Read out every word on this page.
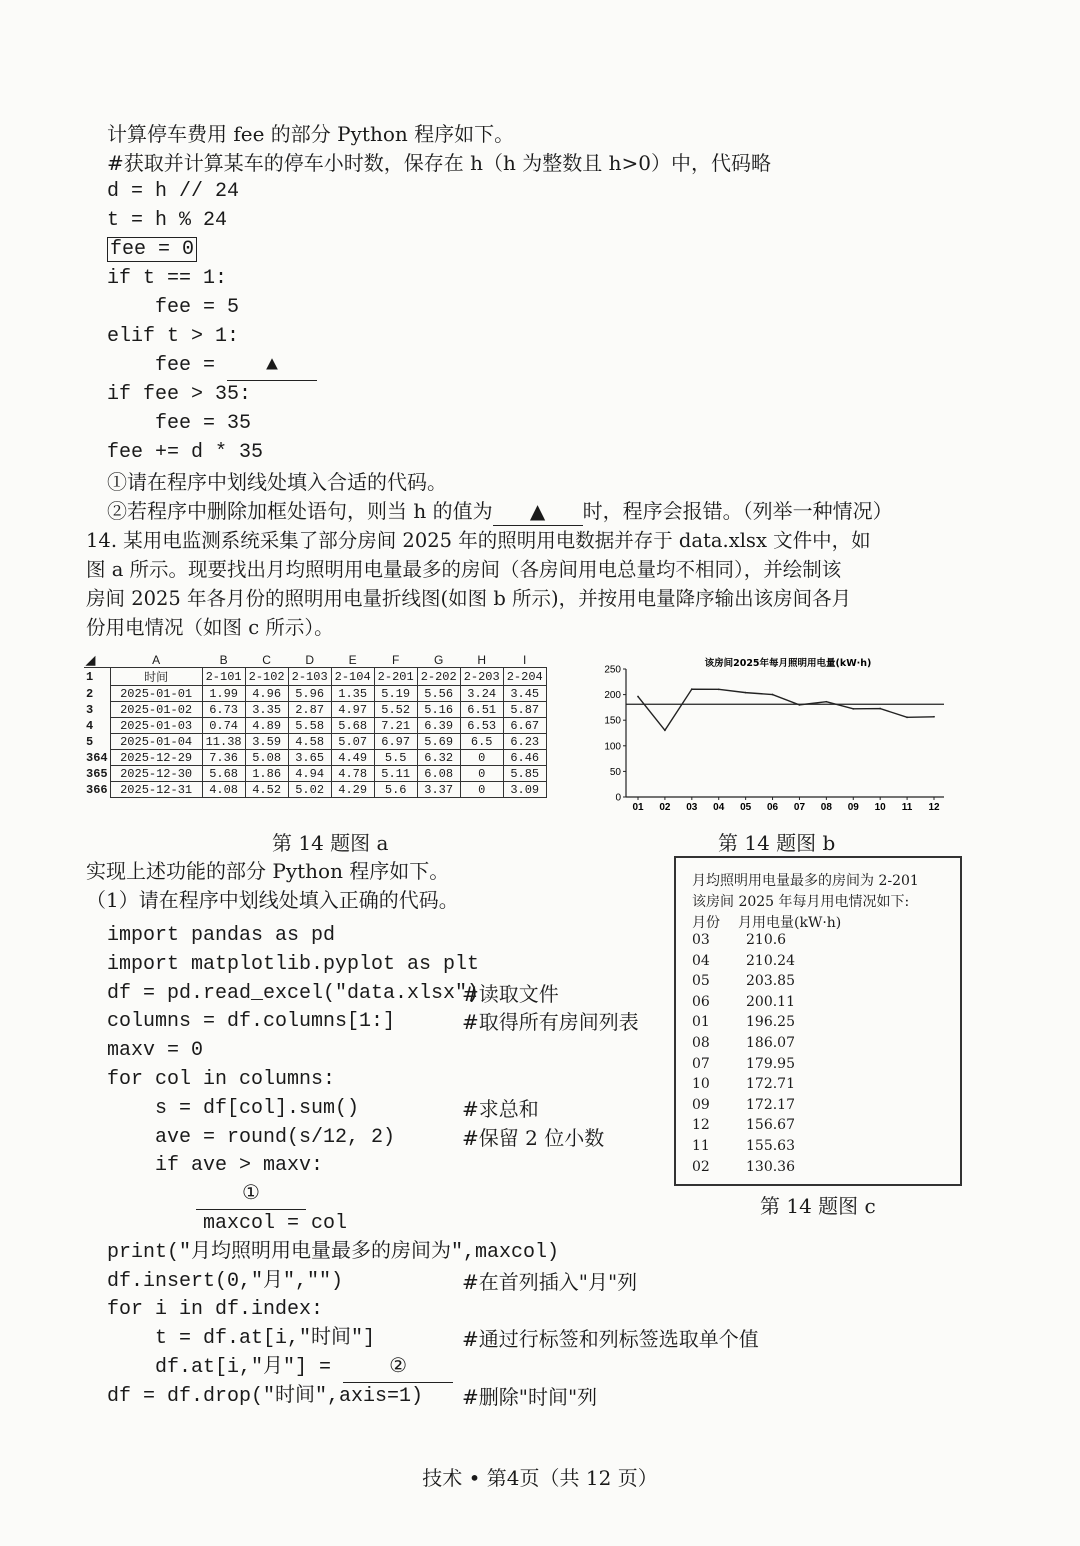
计算停车费用 fee 的部分 Python 程序如下。
#获取并计算某车的停车小时数，保存在 h（h 为整数且 h>0）中，代码略
d = h // 24
t = h % 24
fee = 0
if t == 1:
fee = 5
elif t > 1:
fee = ▲
if fee > 35:
fee = 35
fee += d * 35
①请在程序中划线处填入合适的代码。
②若程序中删除加框处语句，则当 h 的值为 ▲ 时，程序会报错。（列举一种情况）
14. 某用电监测系统采集了部分房间 2025 年的照明用电数据并存于 data.xlsx 文件中，如
图 a 所示。现要找出月均照明用电量最多的房间（各房间用电总量均不相同），并绘制该
房间 2025 年各月份的照明用电量折线图(如图 b 所示)，并按用电量降序输出该房间各月
份用电情况（如图 c 所示）。
◢	A	B	C	D	E	F	G	H	I
1	时间	2-101	2-102	2-103	2-104	2-201	2-202	2-203	2-204
2	2025-01-01	1.99	4.96	5.96	1.35	5.19	5.56	3.24	3.45
3	2025-01-02	6.73	3.35	2.87	4.97	5.52	5.16	6.51	5.87
4	2025-01-03	0.74	4.89	5.58	5.68	7.21	6.39	6.53	6.67
5	2025-01-04	11.38	3.59	4.58	5.07	6.97	5.69	6.5	6.23
364	2025-12-29	7.36	5.08	3.65	4.49	5.5	6.32	0	6.46
365	2025-12-30	5.68	1.86	4.94	4.78	5.11	6.08	0	5.85
366	2025-12-31	4.08	4.52	5.02	4.29	5.6	3.37	0	3.09
该房间2025年每月照明用电量(kW·h)
0
50
100
150
200
250
01 02 03 04 05 06 07 08 09 10 11 12
第 14 题图 a	第 14 题图 b
实现上述功能的部分 Python 程序如下。
（1）请在程序中划线处填入正确的代码。
import pandas as pd
import matplotlib.pyplot as plt
df = pd.read_excel("data.xlsx")
#读取文件
columns = df.columns[1:]	#取得所有房间列表
maxv = 0
for col in columns:
s = df[col].sum()	#求总和
ave = round(s/12, 2)	#保留 2 位小数
if ave > maxv:
①
maxcol = col
print("月均照明用电量最多的房间为",maxcol)
df.insert(0,"月","")	#在首列插入"月"列
for i in df.index:
t = df.at[i,"时间"]	#通过行标签和列标签选取单个值
df.at[i,"月"] = ②
df = df.drop("时间",axis=1) #删除"时间"列
月均照明用电量最多的房间为 2-201
该房间 2025 年每月用电情况如下:
月份 月用电量(kW·h)
03	210.6
04	210.24
05	203.85
06	200.11
01	196.25
08	186.07
07	179.95
10	172.71
09	172.17
12	156.67
11	155.63
02	130.36
第 14 题图 c
技术 • 第4页（共 12 页）
